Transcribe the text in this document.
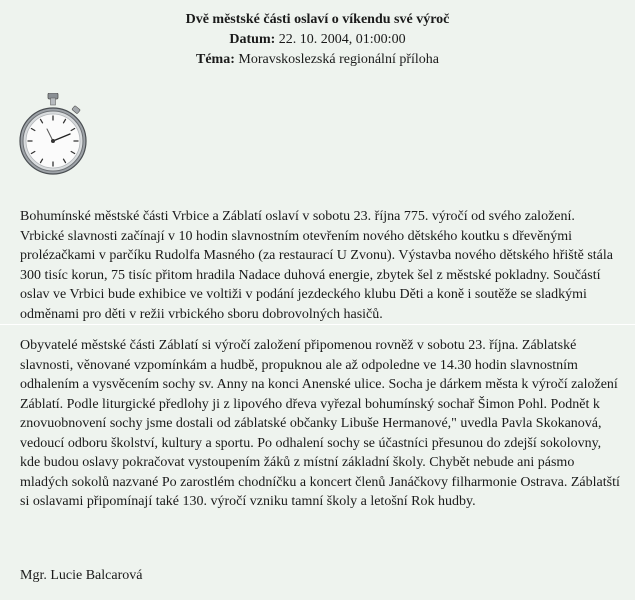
Dvě městské části oslaví o víkendu své výroč
Datum: 22. 10. 2004, 01:00:00
Téma: Moravskoslezská regionální příloha
Bohumínské městské části Vrbice a Záblatí oslaví v sobotu 23. října 775. výročí od svého založení. Vrbické slavnosti začínají v 10 hodin slavnostním otevřením nového dětského koutku s dřevěnými prolézačkami v parčíku Rudolfa Masného (za restaurací U Zvonu). Výstavba nového dětského hřiště stála 300 tisíc korun, 75 tisíc přitom hradila Nadace duhová energie, zbytek šel z městské pokladny. Součástí oslav ve Vrbici bude exhibice ve voltiži v podání jezdeckého klubu Děti a koně i soutěže se sladkými odměnami pro děti v režii vrbického sboru dobrovolných hasičů.
Obyvatelé městské části Záblatí si výročí založení připomenou rovněž v sobotu 23. října. Záblatské slavnosti, věnované vzpomínkám a hudbě, propuknou ale až odpoledne ve 14.30 hodin slavnostním odhalením a vysvěcením sochy sv. Anny na konci Anenské ulice. Socha je dárkem města k výročí založení Záblatí. Podle liturgické předlohy ji z lipového dřeva vyřezal bohumínský sochař Šimon Pohl. Podnět k znovuobnovení sochy jsme dostali od záblatské občanky Libuše Hermanové," uvedla Pavla Skokanová, vedoucí odboru školství, kultury a sportu. Po odhalení sochy se účastníci přesunou do zdejší sokolovny, kde budou oslavy pokračovat vystoupením žáků z místní základní školy. Chybět nebude ani pásmo mladých sokolů nazvané Po zarostlém chodníčku a koncert členů Janáčkovy filharmonie Ostrava. Záblatští si oslavami připomínají také 130. výročí vzniku tamní školy a letošní Rok hudby.
Mgr. Lucie Balcarová
